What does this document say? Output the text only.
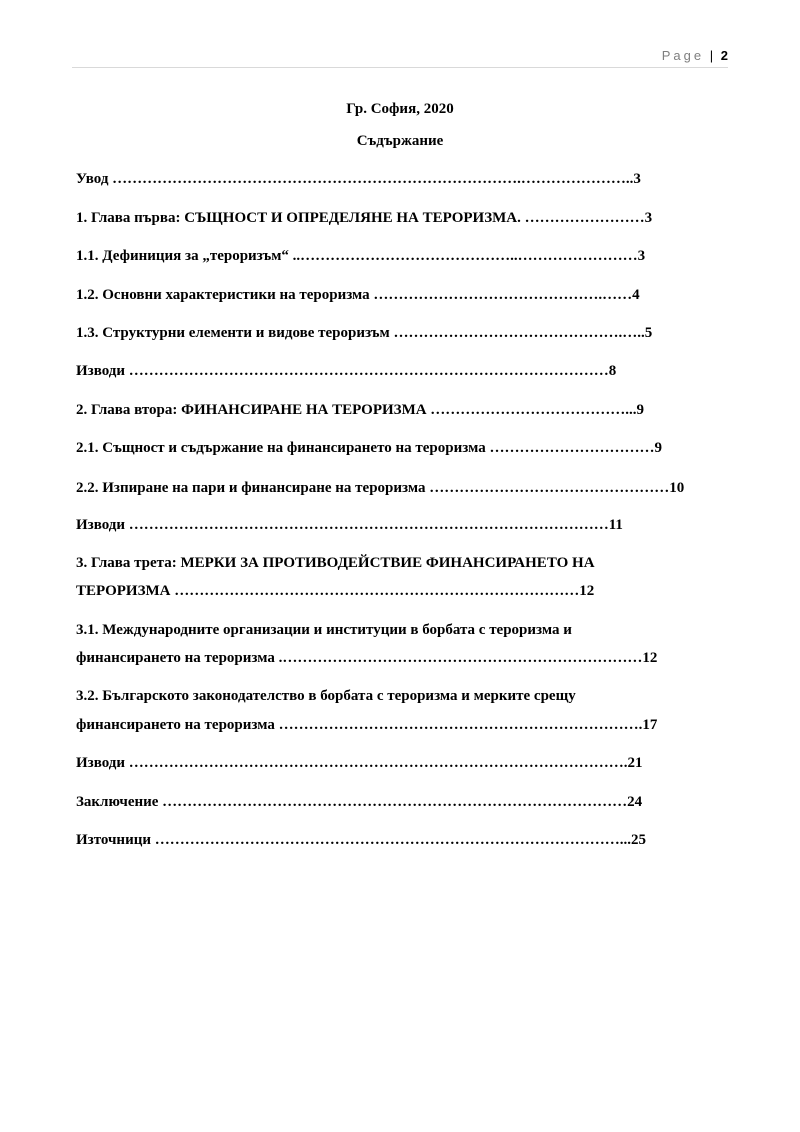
Page | 2
Гр. София, 2020
Съдържание
Увод ……………………………………………………………………….…………………..3
1. Глава първа: СЪЩНОСТ И ОПРЕДЕЛЯНЕ НА ТЕРОРИЗМА. ……………………3
1.1. Дефиниция за „тероризъм“ ..……………………………………..……………………3
1.2. Основни характеристики на тероризма ……………………………………….……4
1.3. Структурни елементи и видове тероризъм ……………………………………….…..5
Изводи ……………………………………………………………………………………8
2. Глава втора: ФИНАНСИРАНЕ НА ТЕРОРИЗМА …………………………………...9
2.1. Същност и съдържание на финансирането на тероризма ……………………………9
2.2. Изпиране на пари и финансиране на тероризма …………………………………………10
Изводи ……………………………………………………………………………………11
3. Глава трета: МЕРКИ ЗА ПРОТИВОДЕЙСТВИЕ ФИНАНСИРАНЕТО НА
ТЕРОРИЗМА ………………………………………………………………………12
3.1. Международните организации и институции в борбата с тероризма и
финансирането на тероризма .………………………………………………………………12
3.2. Българското законодателство в борбата с тероризма и мерките срещу
финансирането на тероризма ……………………………………………………………….17
Изводи ……………………………………………………………………………………….21
Заключение …………………………………………………………………………………24
Източници …………………………………………………………………………………...25
